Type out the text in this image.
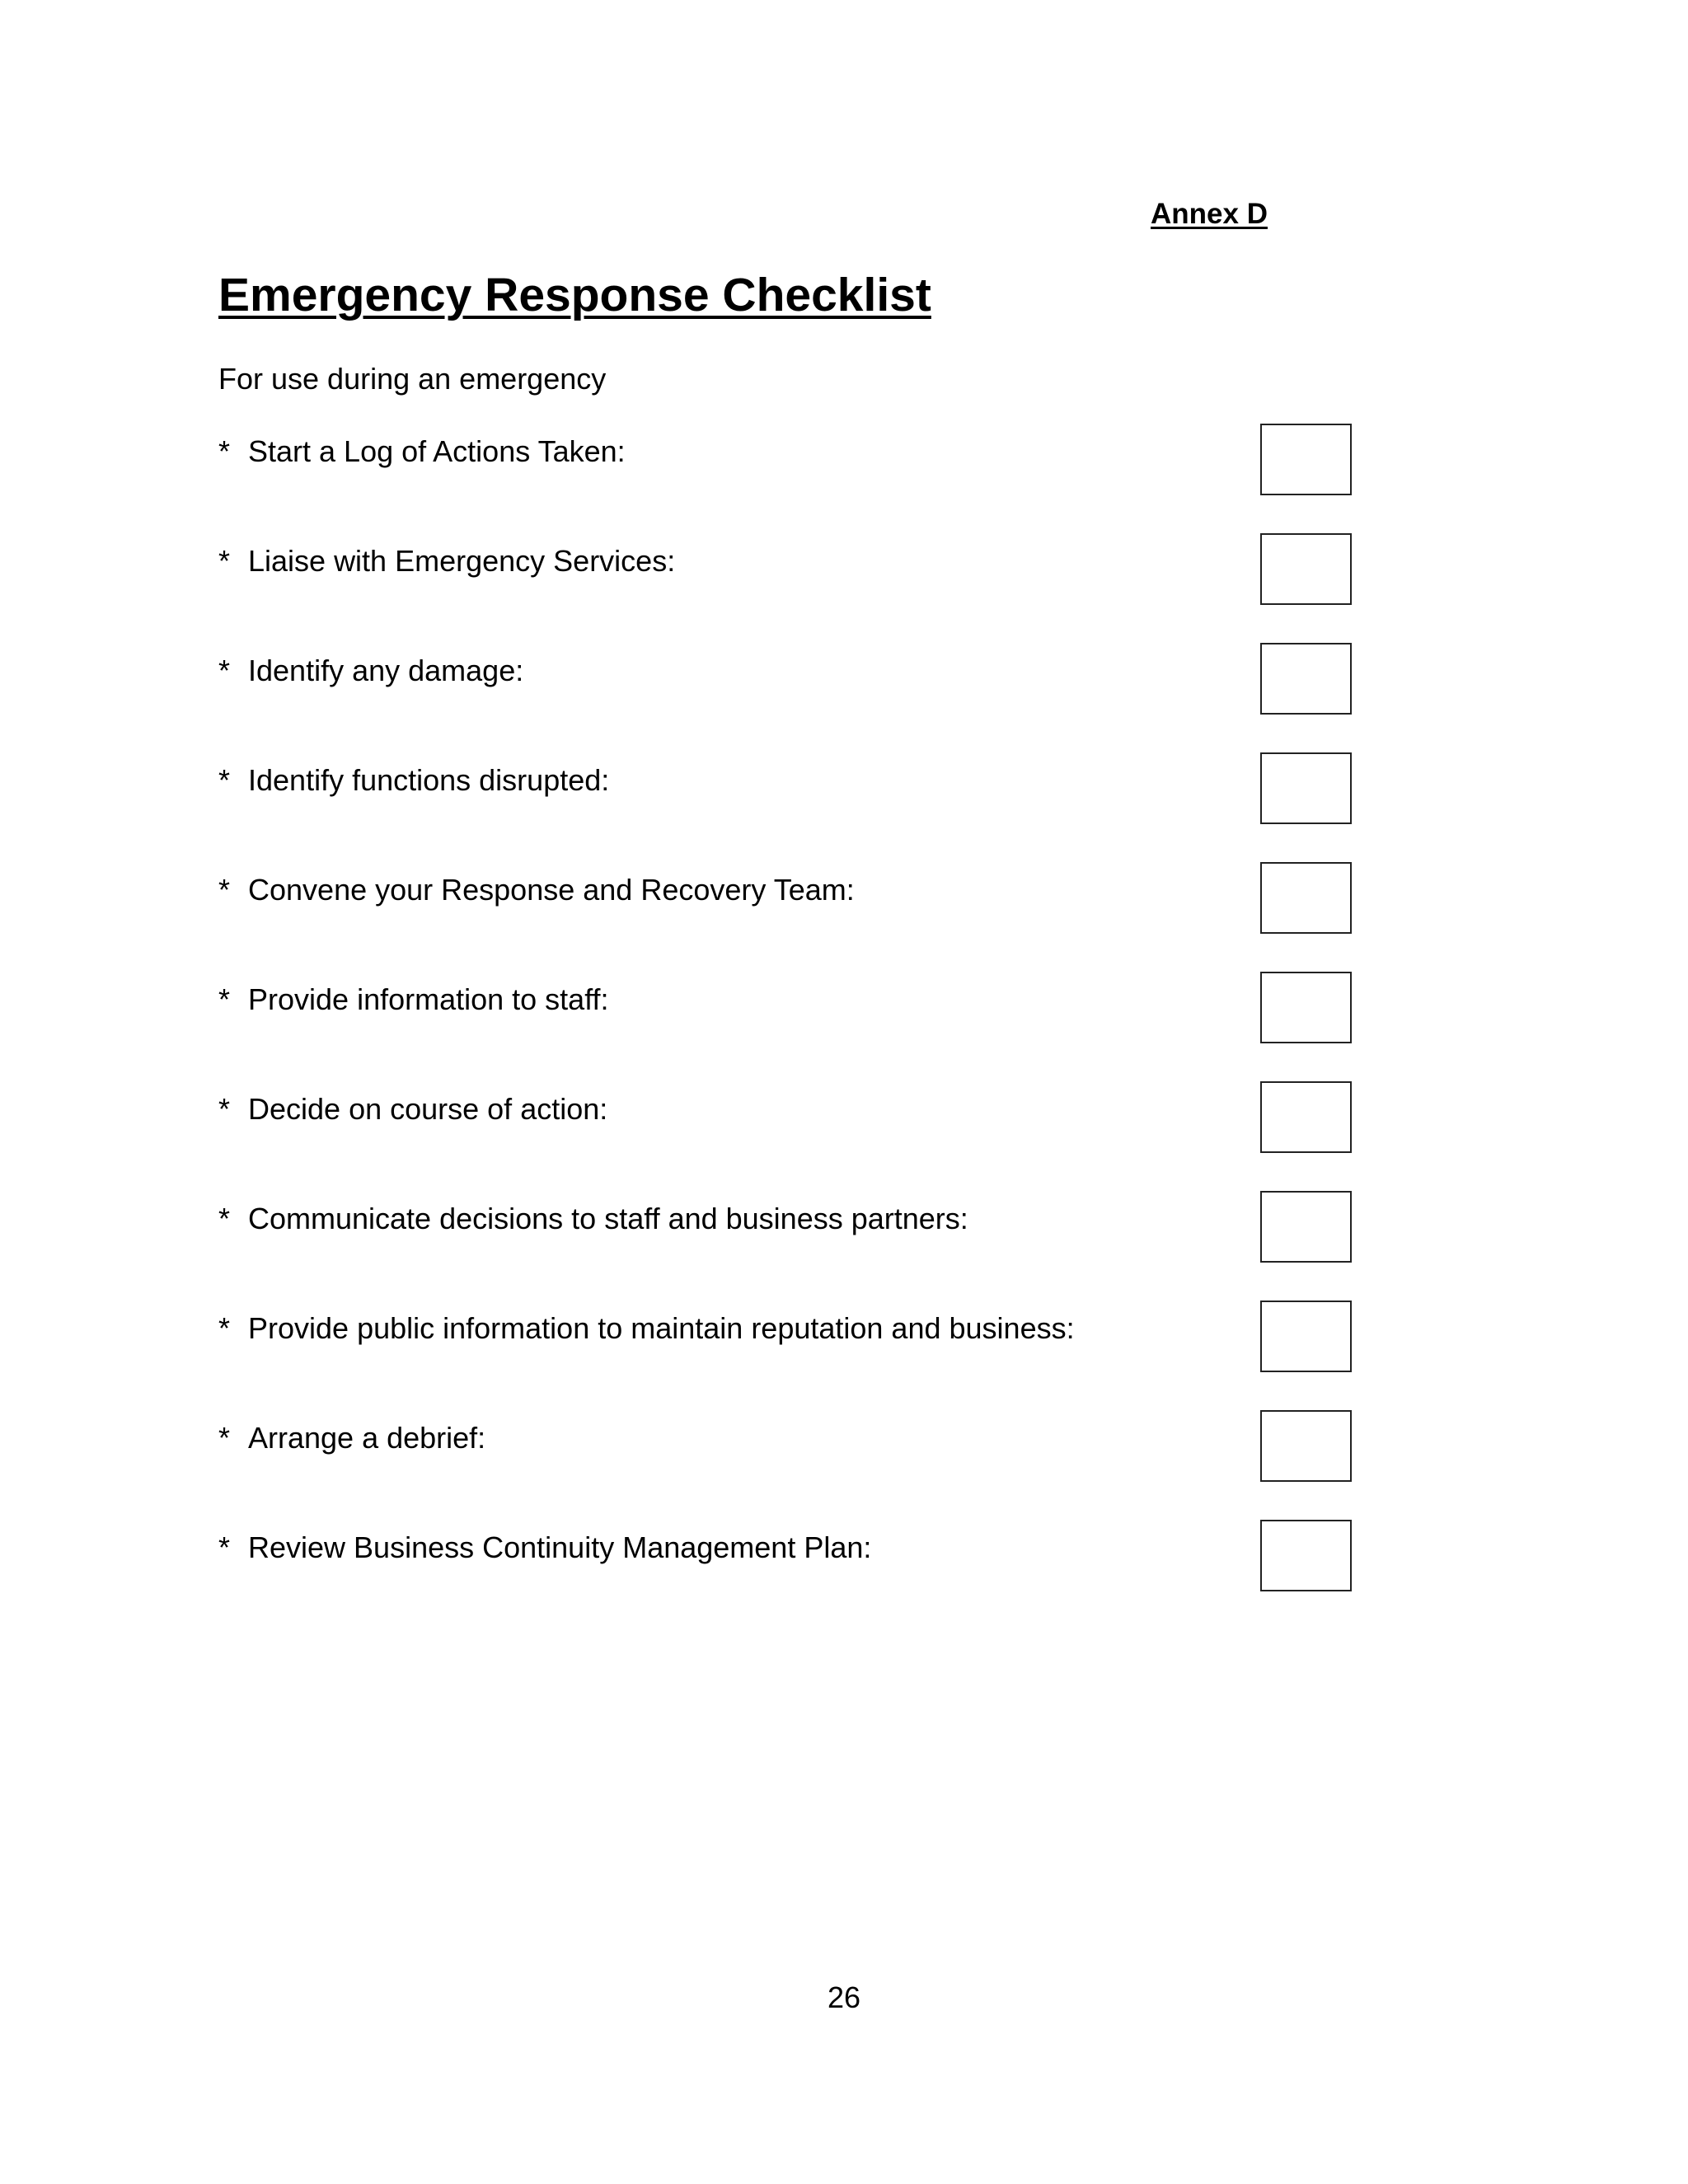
Annex D
Emergency Response Checklist
For use during an emergency
* Start a Log of Actions Taken:
* Liaise with Emergency Services:
* Identify any damage:
* Identify functions disrupted:
* Convene your Response and Recovery Team:
* Provide information to staff:
* Decide on course of action:
* Communicate decisions to staff and business partners:
* Provide public information to maintain reputation and business:
* Arrange a debrief:
* Review Business Continuity Management Plan:
26
